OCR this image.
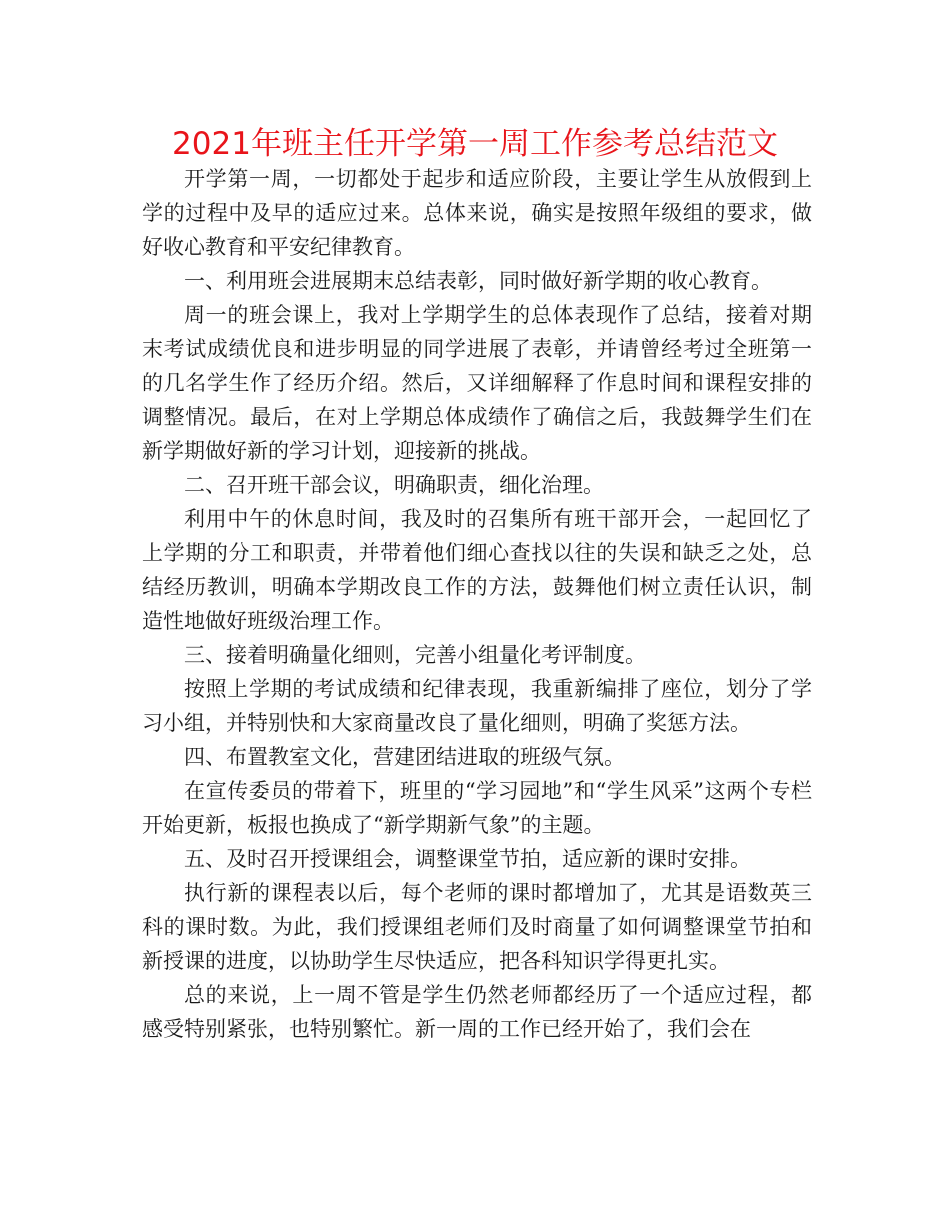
2021年班主任开学第一周工作参考总结范文

开学第一周，一切都处于起步和适应阶段，主要让学生从放假到上学的过程中及早的适应过来。总体来说，确实是按照年级组的要求，做好收心教育和平安纪律教育。

一、利用班会进展期末总结表彰，同时做好新学期的收心教育。

周一的班会课上，我对上学期学生的总体表现作了总结，接着对期末考试成绩优良和进步明显的同学进展了表彰，并请曾经考过全班第一的几名学生作了经历介绍。然后，又详细解释了作息时间和课程安排的调整情况。最后，在对上学期总体成绩作了确信之后，我鼓舞学生们在新学期做好新的学习计划，迎接新的挑战。

二、召开班干部会议，明确职责，细化治理。

利用中午的休息时间，我及时的召集所有班干部开会，一起回忆了上学期的分工和职责，并带着他们细心查找以往的失误和缺乏之处，总结经历教训，明确本学期改良工作的方法，鼓舞他们树立责任认识，制造性地做好班级治理工作。

三、接着明确量化细则，完善小组量化考评制度。

按照上学期的考试成绩和纪律表现，我重新编排了座位，划分了学习小组，并特别快和大家商量改良了量化细则，明确了奖惩方法。

四、布置教室文化，营建团结进取的班级气氛。

在宣传委员的带着下，班里的“学习园地”和“学生风采”这两个专栏开始更新，板报也换成了“新学期新气象”的主题。

五、及时召开授课组会，调整课堂节拍，适应新的课时安排。

执行新的课程表以后，每个老师的课时都增加了，尤其是语数英三科的课时数。为此，我们授课组老师们及时商量了如何调整课堂节拍和新授课的进度，以协助学生尽快适应，把各科知识学得更扎实。

总的来说，上一周不管是学生仍然老师都经历了一个适应过程，都感受特别紧张，也特别繁忙。新一周的工作已经开始了，我们会在
